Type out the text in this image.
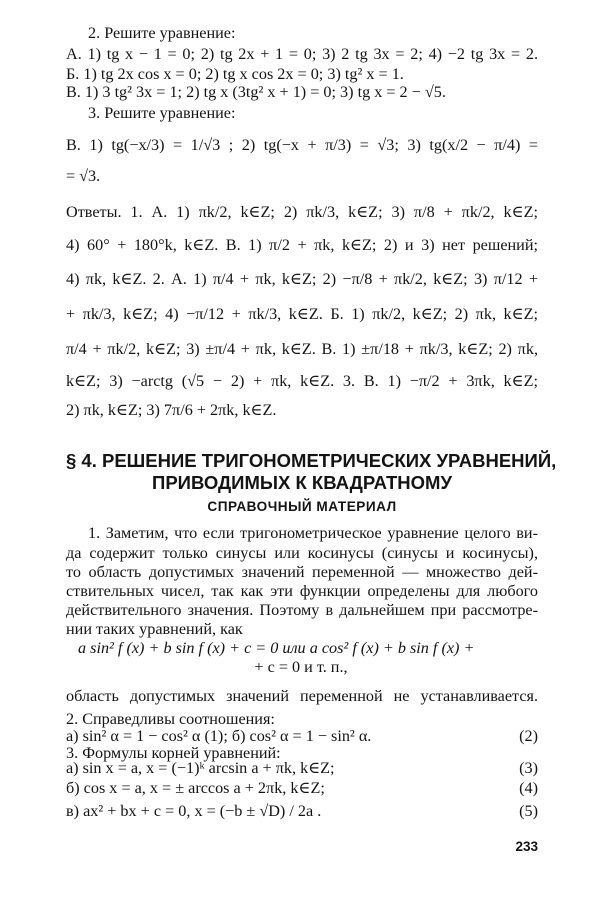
2. Решите уравнение:
А. 1) tg x − 1 = 0; 2) tg 2x + 1 = 0; 3) 2 tg 3x = 2; 4) −2 tg 3x = 2.
Б. 1) tg 2x cos x = 0; 2) tg x cos 2x = 0; 3) tg² x = 1.
В. 1) 3 tg² 3x = 1; 2) tg x (3tg² x + 1) = 0; 3) tg x = 2 − √5.
3. Решите уравнение:
В. 1) tg(−x/3) = 1/√3 ; 2) tg(−x + π/3) = √3; 3) tg(x/2 − π/4) =
= √3.
Ответы. 1. А. 1) πk/2, k∈Z; 2) πk/3, k∈Z; 3) π/8 + πk/2, k∈Z;
4) 60° + 180°k, k∈Z. В. 1) π/2 + πk, k∈Z; 2) и 3) нет решений;
4) πk, k∈Z. 2. А. 1) π/4 + πk, k∈Z; 2) −π/8 + πk/2, k∈Z; 3) π/12 +
+ πk/3, k∈Z; 4) −π/12 + πk/3, k∈Z. Б. 1) πk/2, k∈Z; 2) πk, k∈Z;
π/4 + πk/2, k∈Z; 3) ±π/4 + πk, k∈Z. В. 1) ±π/18 + πk/3, k∈Z; 2) πk,
k∈Z; 3) −arctg (√5 − 2) + πk, k∈Z. 3. В. 1) −π/2 + 3πk, k∈Z;
2) πk, k∈Z; 3) 7π/6 + 2πk, k∈Z.
§ 4. РЕШЕНИЕ ТРИГОНОМЕТРИЧЕСКИХ УРАВНЕНИЙ,
ПРИВОДИМЫХ К КВАДРАТНОМУ
СПРАВОЧНЫЙ МАТЕРИАЛ
1. Заметим, что если тригонометрическое уравнение целого ви-
да содержит только синусы или косинусы (синусы и косинусы),
то область допустимых значений переменной — множество дей-
ствительных чисел, так как эти функции определены для любого
действительного значения. Поэтому в дальнейшем при рассмотре-
нии таких уравнений, как
a sin² f (x) + b sin f (x) + c = 0 или a cos² f (x) + b sin f (x) +
+ c = 0 и т. п.,
область допустимых значений переменной не устанавливается.
2. Справедливы соотношения:
а) sin² α = 1 − cos² α (1); б) cos² α = 1 − sin² α.	(2)
3. Формулы корней уравнений:
а) sin x = a, x = (−1)ᵏ arcsin a + πk, k∈Z;	(3)
б) cos x = a, x = ± arccos a + 2πk, k∈Z;	(4)
в) ax² + bx + c = 0, x = (−b ± √D) / 2a .	(5)
233
